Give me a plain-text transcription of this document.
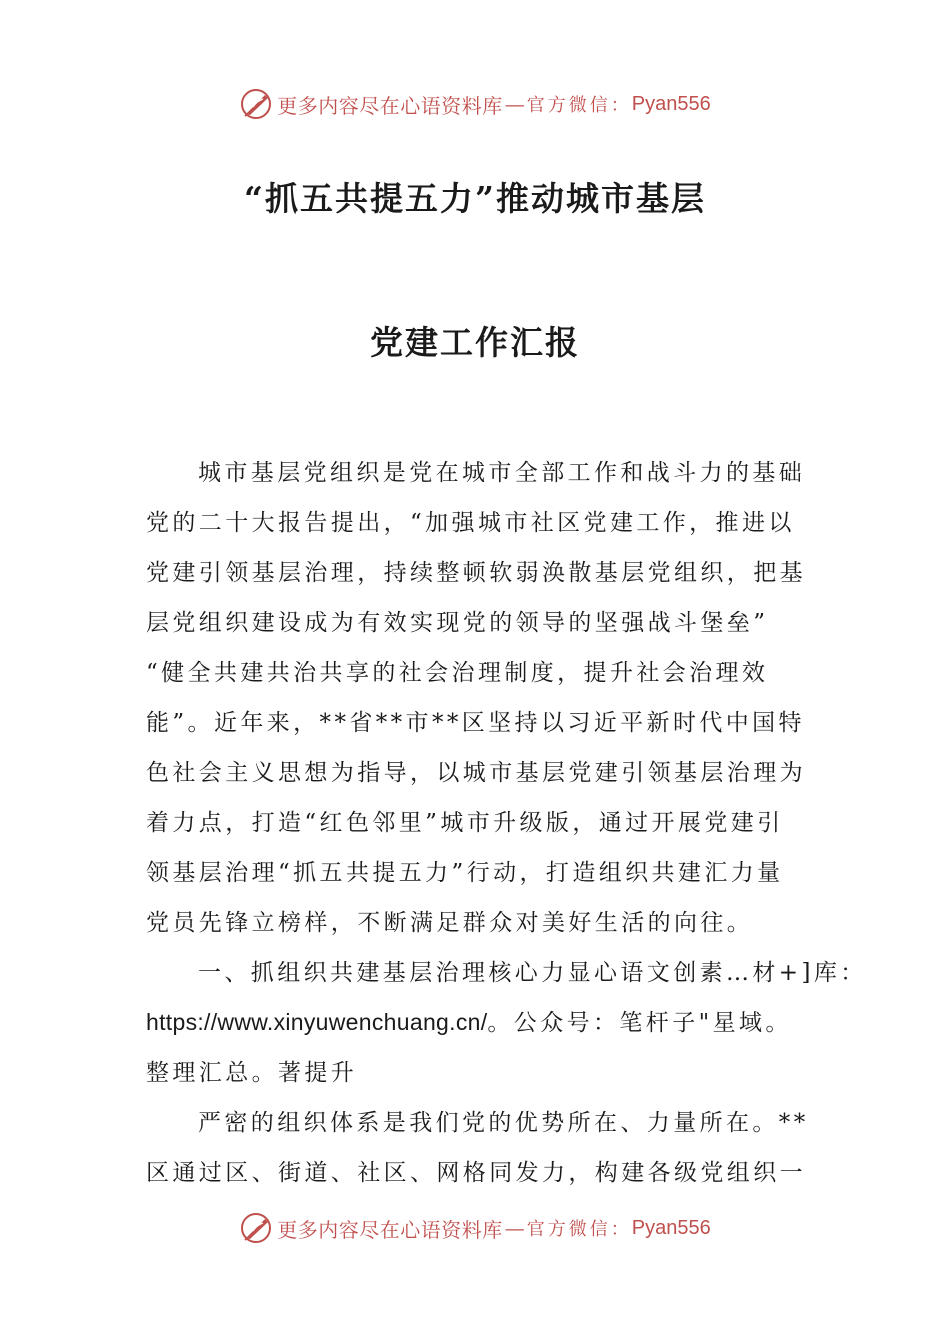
更多内容尽在心语资料库 — 官方微信： Pyan556
“抓五共提五力”推动城市基层
党建工作汇报
城市基层党组织是党在城市全部工作和战斗力的基础
党的二十大报告提出，“加强城市社区党建工作，推进以
党建引领基层治理，持续整顿软弱涣散基层党组织，把基
层党组织建设成为有效实现党的领导的坚强战斗堡垒”
“健全共建共治共享的社会治理制度，提升社会治理效
能”。近年来，**省**市**区坚持以习近平新时代中国特
色社会主义思想为指导，以城市基层党建引领基层治理为
着力点，打造“红色邻里”城市升级版，通过开展党建引
领基层治理“抓五共提五力”行动，打造组织共建汇力量
党员先锋立榜样，不断满足群众对美好生活的向往。
一、抓组织共建基层治理核心力显心语文创素…材+]库：
https://www.xinyuwenchuang.cn/。公众号：笔杆子"星域。
整理汇总。著提升
严密的组织体系是我们党的优势所在、力量所在。**
区通过区、街道、社区、网格同发力，构建各级党组织一
更多内容尽在心语资料库 — 官方微信： Pyan556
